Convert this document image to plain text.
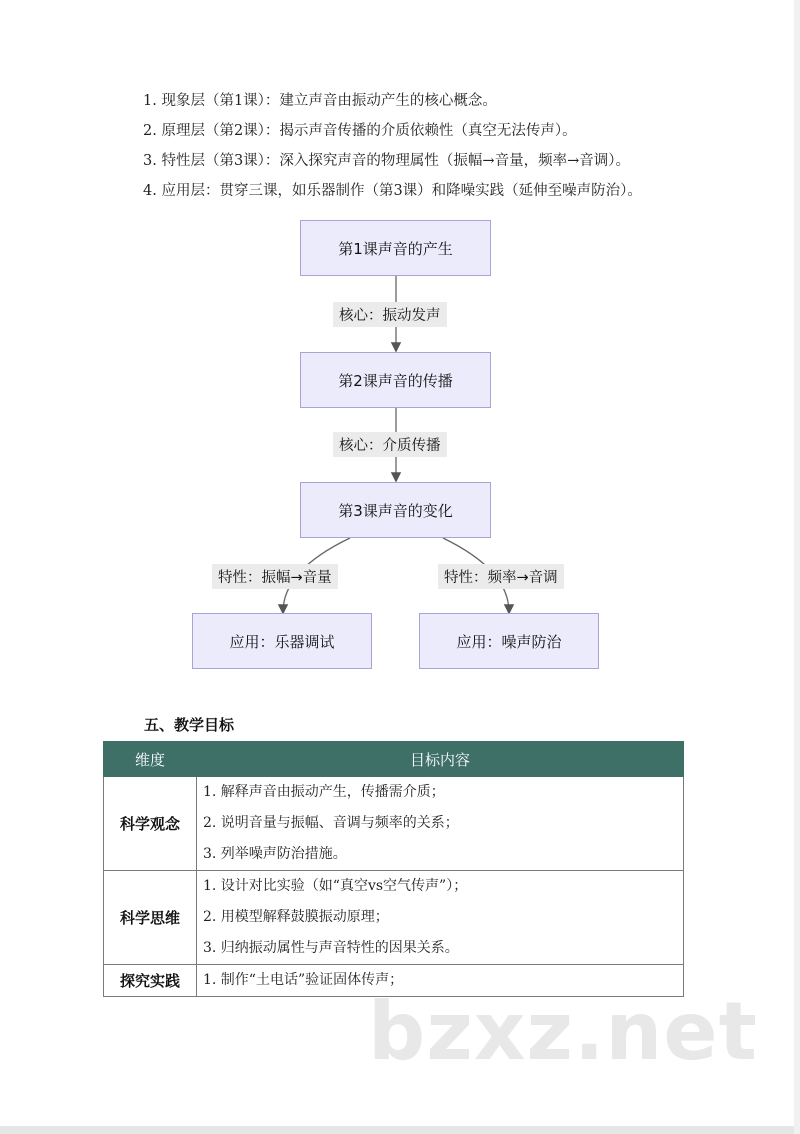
1. 现象层（第1课）：建立声音由振动产生的核心概念。
2. 原理层（第2课）：揭示声音传播的介质依赖性（真空无法传声）。
3. 特性层（第3课）：深入探究声音的物理属性（振幅→音量，频率→音调）。
4. 应用层：贯穿三课，如乐器制作（第3课）和降噪实践（延伸至噪声防治）。
第1课声音的产生
第2课声音的传播
第3课声音的变化
应用：乐器调试	应用：噪声防治
核心：振动发声
核心：介质传播
特性：振幅→音量	特性：频率→音调
五、教学目标
维度	目标内容
科学观念	1. 解释声音由振动产生，传播需介质；
2. 说明音量与振幅、音调与频率的关系；
3. 列举噪声防治措施。

科学思维	1. 设计对比实验（如“真空vs空气传声”）；
2. 用模型解释鼓膜振动原理；
3. 归纳振动属性与声音特性的因果关系。

探究实践	1. 制作“土电话”验证固体传声；
bzxz.net
